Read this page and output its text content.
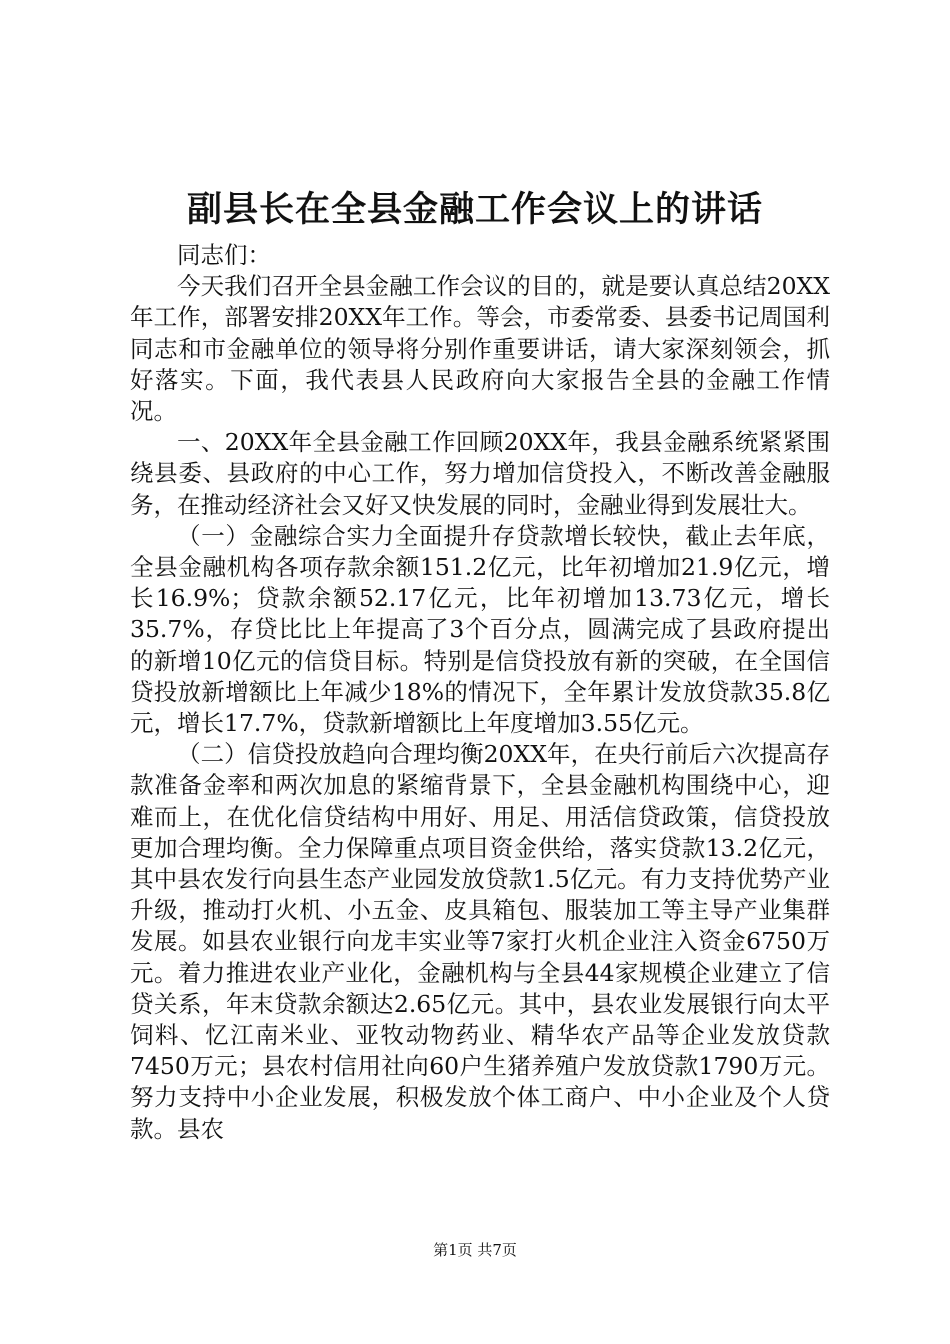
副县长在全县金融工作会议上的讲话

同志们：

今天我们召开全县金融工作会议的目的，就是要认真总结20XX年工作，部署安排20XX年工作。等会，市委常委、县委书记周国利同志和市金融单位的领导将分别作重要讲话，请大家深刻领会，抓好落实。下面，我代表县人民政府向大家报告全县的金融工作情况。

一、20XX年全县金融工作回顾20XX年，我县金融系统紧紧围绕县委、县政府的中心工作，努力增加信贷投入，不断改善金融服务，在推动经济社会又好又快发展的同时，金融业得到发展壮大。

（一）金融综合实力全面提升存贷款增长较快，截止去年底，全县金融机构各项存款余额151.2亿元，比年初增加21.9亿元，增长16.9%；贷款余额52.17亿元，比年初增加13.73亿元，增长35.7%，存贷比比上年提高了3个百分点，圆满完成了县政府提出的新增10亿元的信贷目标。特别是信贷投放有新的突破，在全国信贷投放新增额比上年减少18%的情况下，全年累计发放贷款35.8亿元，增长17.7%，贷款新增额比上年度增加3.55亿元。

（二）信贷投放趋向合理均衡20XX年，在央行前后六次提高存款准备金率和两次加息的紧缩背景下，全县金融机构围绕中心，迎难而上，在优化信贷结构中用好、用足、用活信贷政策，信贷投放更加合理均衡。全力保障重点项目资金供给，落实贷款13.2亿元，其中县农发行向县生态产业园发放贷款1.5亿元。有力支持优势产业升级，推动打火机、小五金、皮具箱包、服装加工等主导产业集群发展。如县农业银行向龙丰实业等7家打火机企业注入资金6750万元。着力推进农业产业化，金融机构与全县44家规模企业建立了信贷关系，年末贷款余额达2.65亿元。其中，县农业发展银行向太平饲料、忆江南米业、亚牧动物药业、精华农产品等企业发放贷款7450万元；县农村信用社向60户生猪养殖户发放贷款1790万元。努力支持中小企业发展，积极发放个体工商户、中小企业及个人贷款。县农

第1页 共7页
